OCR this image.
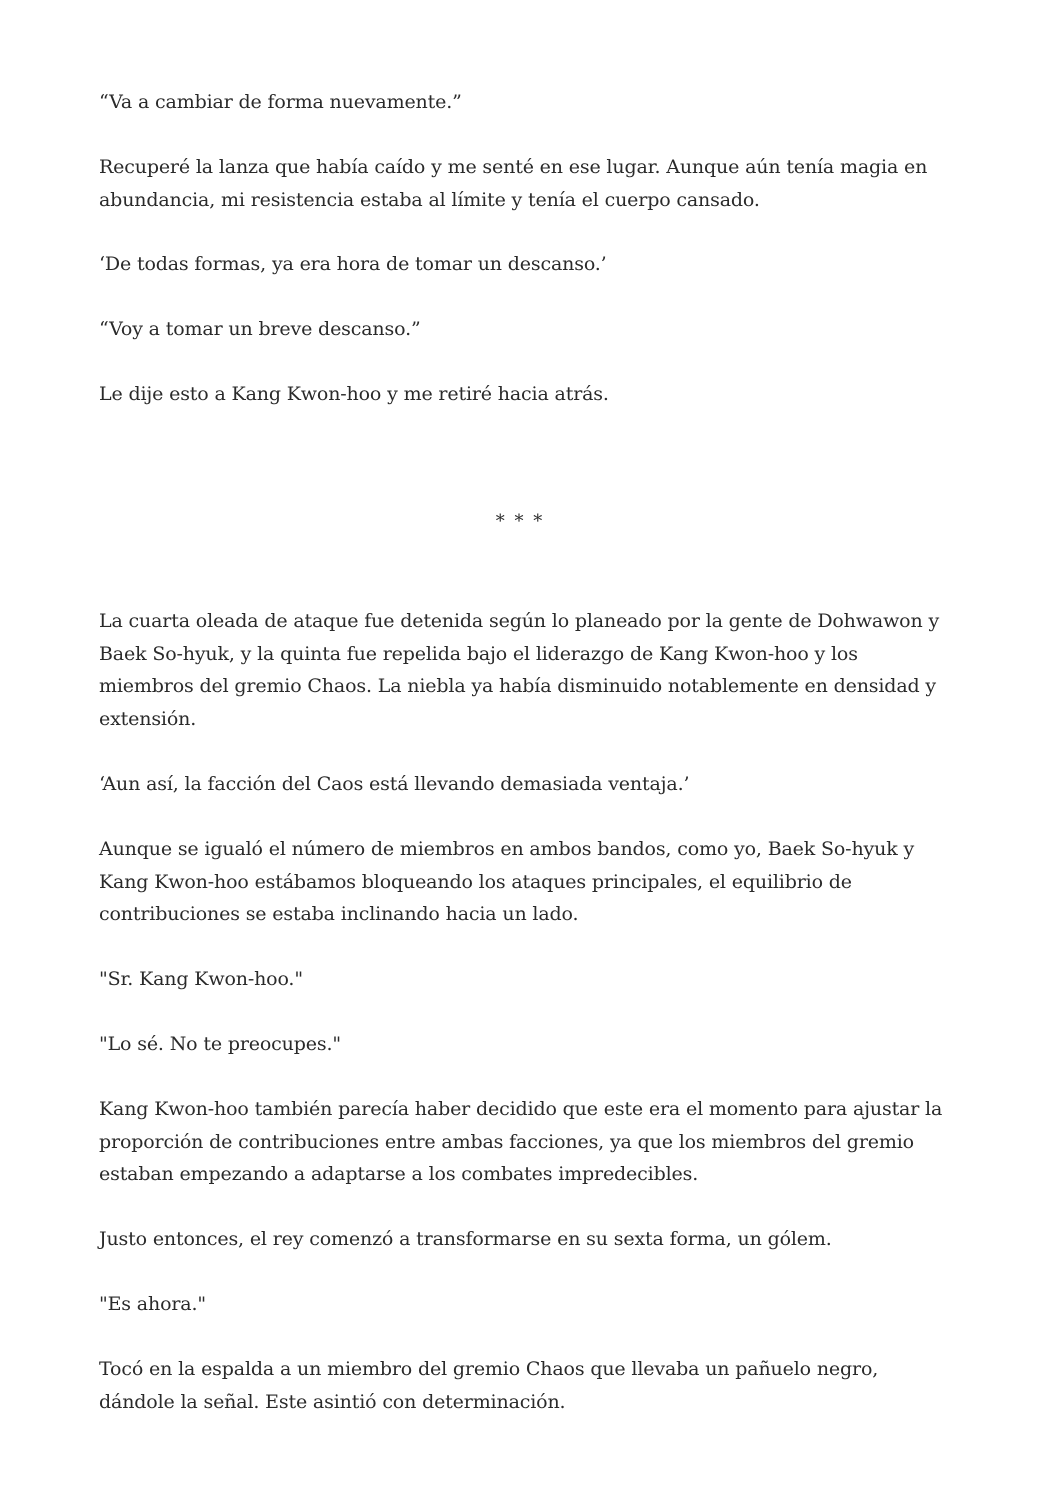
“Va a cambiar de forma nuevamente.”

Recuperé la lanza que había caído y me senté en ese lugar. Aunque aún tenía magia en
abundancia, mi resistencia estaba al límite y tenía el cuerpo cansado.

‘De todas formas, ya era hora de tomar un descanso.’

“Voy a tomar un breve descanso.”

Le dije esto a Kang Kwon-hoo y me retiré hacia atrás.

* * *

La cuarta oleada de ataque fue detenida según lo planeado por la gente de Dohwawon y
Baek So-hyuk, y la quinta fue repelida bajo el liderazgo de Kang Kwon-hoo y los
miembros del gremio Chaos. La niebla ya había disminuido notablemente en densidad y
extensión.

‘Aun así, la facción del Caos está llevando demasiada ventaja.’

Aunque se igualó el número de miembros en ambos bandos, como yo, Baek So-hyuk y
Kang Kwon-hoo estábamos bloqueando los ataques principales, el equilibrio de
contribuciones se estaba inclinando hacia un lado.

"Sr. Kang Kwon-hoo."

"Lo sé. No te preocupes."

Kang Kwon-hoo también parecía haber decidido que este era el momento para ajustar la
proporción de contribuciones entre ambas facciones, ya que los miembros del gremio
estaban empezando a adaptarse a los combates impredecibles.

Justo entonces, el rey comenzó a transformarse en su sexta forma, un gólem.

"Es ahora."

Tocó en la espalda a un miembro del gremio Chaos que llevaba un pañuelo negro,
dándole la señal. Este asintió con determinación.
